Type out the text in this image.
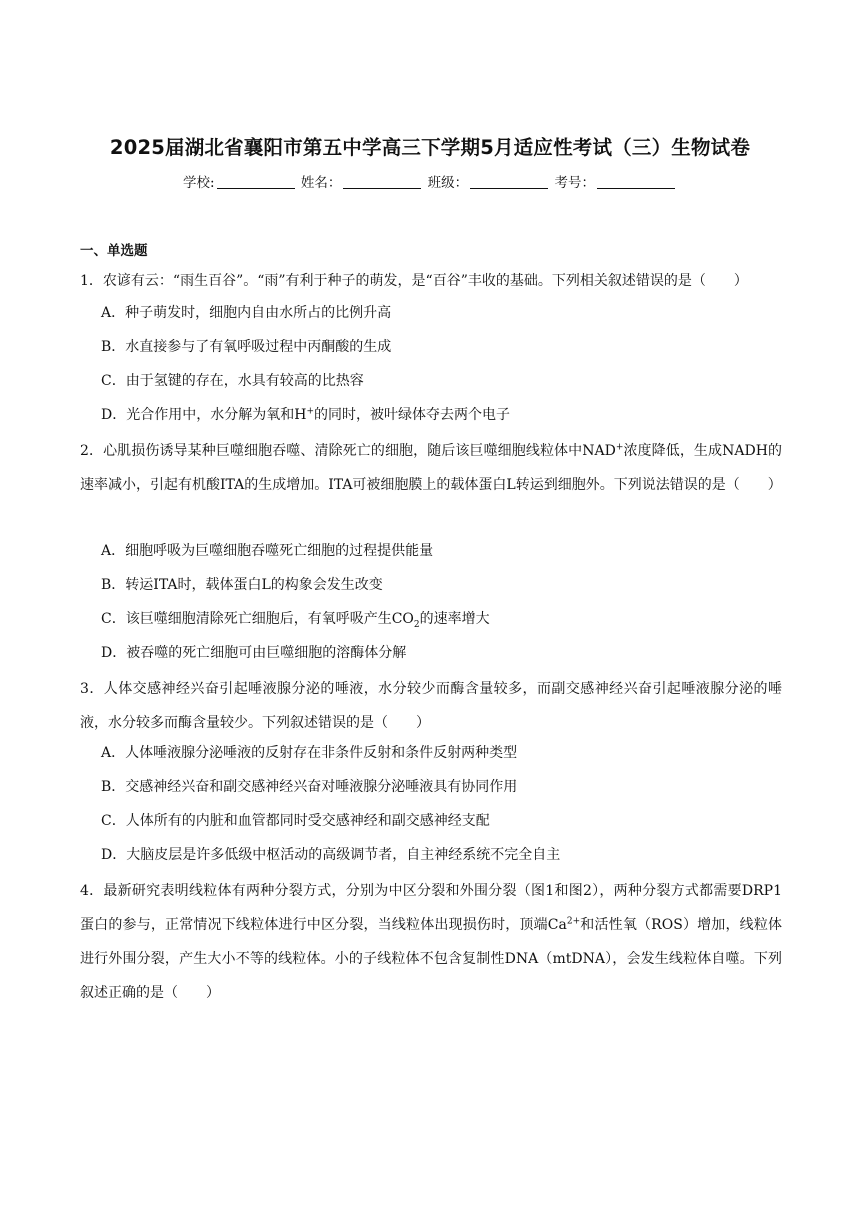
2025届湖北省襄阳市第五中学高三下学期5月适应性考试（三）生物试卷
学校:	姓名：	班级：	考号：
一、单选题
1．农谚有云：“雨生百谷”。“雨”有利于种子的萌发，是“百谷”丰收的基础。下列相关叙述错误的是（　　）
A．种子萌发时，细胞内自由水所占的比例升高
B．水直接参与了有氧呼吸过程中丙酮酸的生成
C．由于氢键的存在，水具有较高的比热容
D．光合作用中，水分解为氧和H+的同时，被叶绿体夺去两个电子
2．心肌损伤诱导某种巨噬细胞吞噬、清除死亡的细胞，随后该巨噬细胞线粒体中NAD+浓度降低，生成NADH的速率减小，引起有机酸ITA的生成增加。ITA可被细胞膜上的载体蛋白L转运到细胞外。下列说法错误的是（　　）
A．细胞呼吸为巨噬细胞吞噬死亡细胞的过程提供能量
B．转运ITA时，载体蛋白L的构象会发生改变
C．该巨噬细胞清除死亡细胞后，有氧呼吸产生$CO_2$的速率增大
D．被吞噬的死亡细胞可由巨噬细胞的溶酶体分解
3．人体交感神经兴奋引起唾液腺分泌的唾液，水分较少而酶含量较多，而副交感神经兴奋引起唾液腺分泌的唾液，水分较多而酶含量较少。下列叙述错误的是（　　）
A．人体唾液腺分泌唾液的反射存在非条件反射和条件反射两种类型
B．交感神经兴奋和副交感神经兴奋对唾液腺分泌唾液具有协同作用
C．人体所有的内脏和血管都同时受交感神经和副交感神经支配
D．大脑皮层是许多低级中枢活动的高级调节者，自主神经系统不完全自主
4．最新研究表明线粒体有两种分裂方式，分别为中区分裂和外围分裂（图1和图2），两种分裂方式都需要DRP1蛋白的参与，正常情况下线粒体进行中区分裂，当线粒体出现损伤时，顶端$Ca^{2+}$和活性氧（ROS）增加，线粒体进行外围分裂，产生大小不等的线粒体。小的子线粒体不包含复制性DNA（mtDNA），会发生线粒体自噬。下列叙述正确的是（　　）
